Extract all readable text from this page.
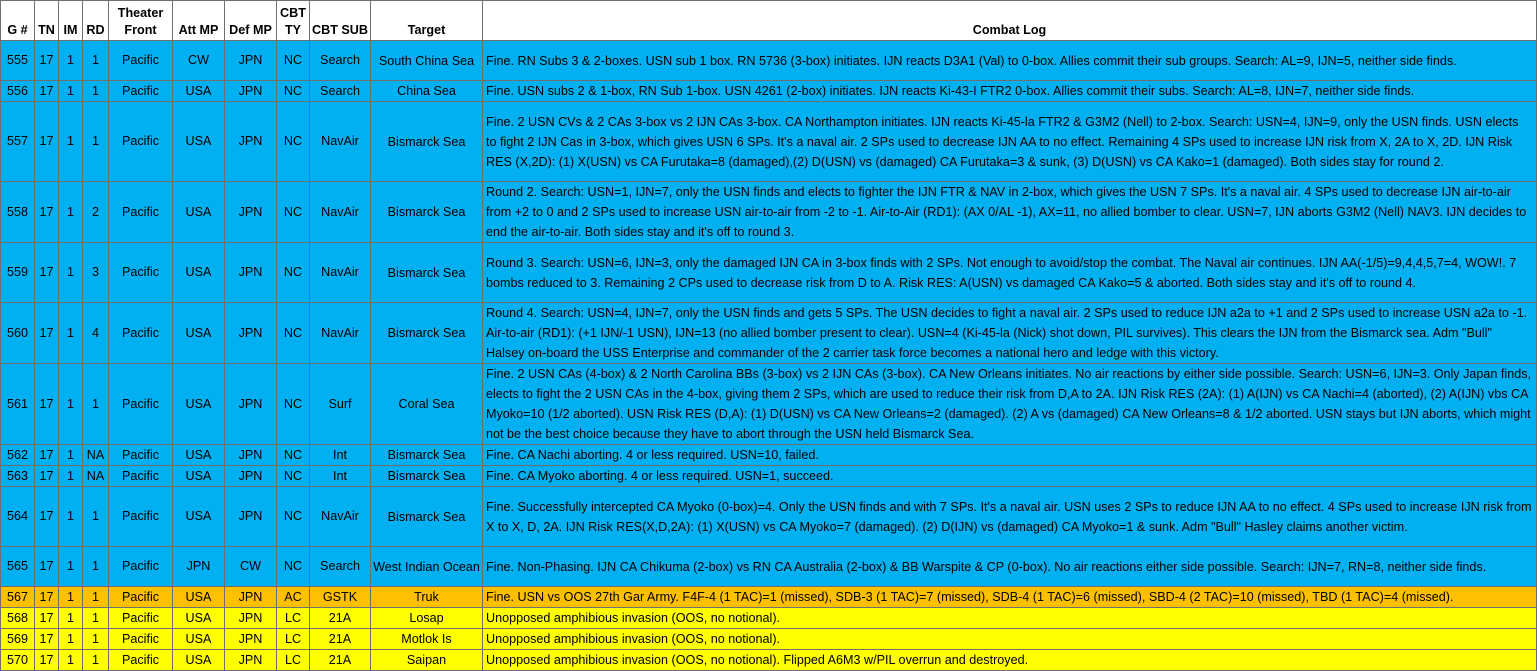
G #	TN	IM	RD	Theater Front	Att MP	Def MP	CBT TY	CBT SUB	Target	Combat Log
555	17	1	1	Pacific	CW	JPN	NC	Search	South China Sea	Fine. RN Subs 3 & 2-boxes. USN sub 1 box. RN 5736 (3-box) initiates. IJN reacts D3A1 (Val) to 0-box. Allies commit their sub groups. Search: AL=9, IJN=5, neither side finds.
556	17	1	1	Pacific	USA	JPN	NC	Search	China Sea	Fine. USN subs 2 & 1-box, RN Sub 1-box. USN 4261 (2-box) initiates. IJN reacts Ki-43-I FTR2 0-box. Allies commit their subs. Search: AL=8, IJN=7, neither side finds.
557	17	1	1	Pacific	USA	JPN	NC	NavAir	Bismarck Sea	Fine. 2 USN CVs & 2 CAs 3-box vs 2 IJN CAs 3-box. CA Northampton initiates. IJN reacts Ki-45-la FTR2 & G3M2 (Nell) to 2-box. Search: USN=4, IJN=9, only the USN finds. USN elects to fight 2 IJN Cas in 3-box, which gives USN 6 SPs. It's a naval air. 2 SPs used to decrease IJN AA to no effect. Remaining 4 SPs used to increase IJN risk from X, 2A to X, 2D. IJN Risk RES (X,2D): (1) X(USN) vs CA Furutaka=8 (damaged),(2) D(USN) vs (damaged) CA Furutaka=3 & sunk, (3) D(USN) vs CA Kako=1 (damaged). Both sides stay for round 2.
558	17	1	2	Pacific	USA	JPN	NC	NavAir	Bismarck Sea	Round 2. Search: USN=1, IJN=7, only the USN finds and elects to fighter the IJN FTR & NAV in 2-box, which gives the USN 7 SPs. It's a naval air. 4 SPs used to decrease IJN air-to-air from +2 to 0 and 2 SPs used to increase USN air-to-air from -2 to -1. Air-to-Air (RD1): (AX 0/AL -1), AX=11, no allied bomber to clear. USN=7, IJN aborts G3M2 (Nell) NAV3. IJN decides to end the air-to-air. Both sides stay and it's off to round 3.
559	17	1	3	Pacific	USA	JPN	NC	NavAir	Bismarck Sea	Round 3. Search: USN=6, IJN=3, only the damaged IJN CA in 3-box finds with 2 SPs. Not enough to avoid/stop the combat. The Naval air continues. IJN AA(-1/5)=9,4,4,5,7=4, WOW!. 7 bombs reduced to 3. Remaining 2 CPs used to decrease risk from D to A. Risk RES: A(USN) vs damaged CA Kako=5 & aborted. Both sides stay and it's off to round 4.
560	17	1	4	Pacific	USA	JPN	NC	NavAir	Bismarck Sea	Round 4. Search: USN=4, IJN=7, only the USN finds and gets 5 SPs. The USN decides to fight a naval air. 2 SPs used to reduce IJN a2a to +1 and 2 SPs used to increase USN a2a to -1. Air-to-air (RD1): (+1 IJN/-1 USN), IJN=13 (no allied bomber present to clear). USN=4 (Ki-45-la (Nick) shot down, PIL survives). This clears the IJN from the Bismarck sea. Adm "Bull" Halsey on-board the USS Enterprise and commander of the 2 carrier task force becomes a national hero and ledge with this victory.
561	17	1	1	Pacific	USA	JPN	NC	Surf	Coral Sea	Fine. 2 USN CAs (4-box) & 2 North Carolina BBs (3-box) vs 2 IJN CAs (3-box). CA New Orleans initiates. No air reactions by either side possible. Search: USN=6, IJN=3. Only Japan finds, elects to fight the 2 USN CAs in the 4-box, giving them 2 SPs, which are used to reduce their risk from D,A to 2A. IJN Risk RES (2A): (1) A(IJN) vs CA Nachi=4 (aborted), (2) A(IJN) vbs CA Myoko=10 (1/2 aborted). USN Risk RES (D,A): (1) D(USN) vs CA New Orleans=2 (damaged). (2) A vs (damaged) CA New Orleans=8 & 1/2 aborted. USN stays but IJN aborts, which might not be the best choice because they have to abort through the USN held Bismarck Sea.
562	17	1	NA	Pacific	USA	JPN	NC	Int	Bismarck Sea	Fine. CA Nachi aborting. 4 or less required. USN=10, failed.
563	17	1	NA	Pacific	USA	JPN	NC	Int	Bismarck Sea	Fine. CA Myoko aborting. 4 or less required. USN=1, succeed.
564	17	1	1	Pacific	USA	JPN	NC	NavAir	Bismarck Sea	Fine. Successfully intercepted CA Myoko (0-box)=4. Only the USN finds and with 7 SPs. It's a naval air. USN uses 2 SPs to reduce IJN AA to no effect. 4 SPs used to increase IJN risk from X to X, D, 2A. IJN Risk RES(X,D,2A): (1) X(USN) vs CA Myoko=7 (damaged). (2) D(IJN) vs (damaged) CA Myoko=1 & sunk. Adm "Bull" Hasley claims another victim.
565	17	1	1	Pacific	JPN	CW	NC	Search	West Indian Ocean	Fine. Non-Phasing. IJN CA Chikuma (2-box) vs RN CA Australia (2-box) & BB Warspite & CP (0-box). No air reactions either side possible. Search: IJN=7, RN=8, neither side finds.
567	17	1	1	Pacific	USA	JPN	AC	GSTK	Truk	Fine. USN vs OOS 27th Gar Army. F4F-4 (1 TAC)=1 (missed), SDB-3 (1 TAC)=7 (missed), SDB-4 (1 TAC)=6 (missed), SBD-4 (2 TAC)=10 (missed), TBD (1 TAC)=4 (missed).
568	17	1	1	Pacific	USA	JPN	LC	21A	Losap	Unopposed amphibious invasion (OOS, no notional).
569	17	1	1	Pacific	USA	JPN	LC	21A	Motlok Is	Unopposed amphibious invasion (OOS, no notional).
570	17	1	1	Pacific	USA	JPN	LC	21A	Saipan	Unopposed amphibious invasion (OOS, no notional). Flipped A6M3 w/PIL overrun and destroyed.
